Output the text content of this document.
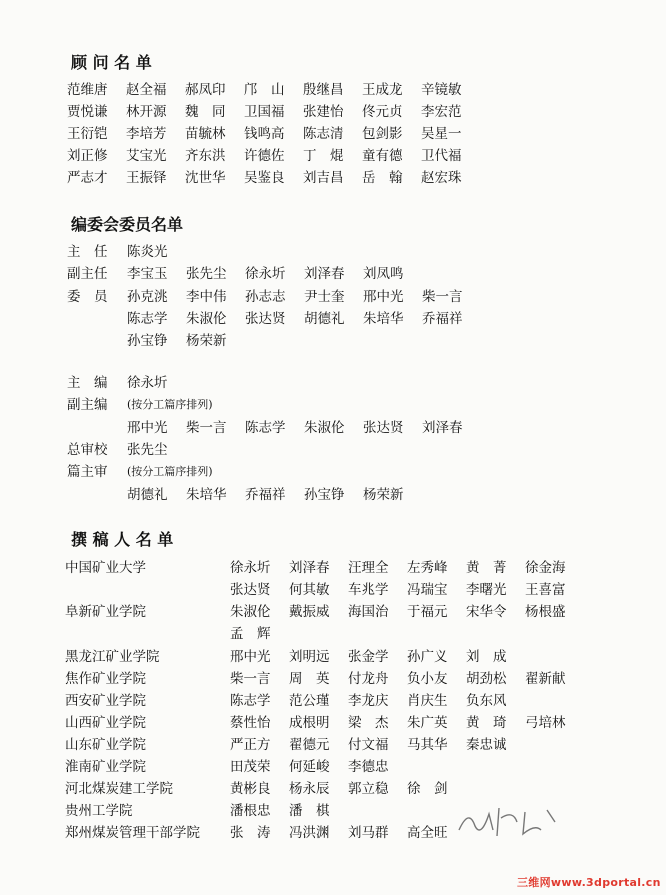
顾 问 名 单
范维唐	赵全福	郝凤印	邝　山	殷继昌	王成龙	辛镜敏
贾悦谦	林开源	魏　同	卫国福	张建怡	佟元贞	李宏范
王衍铠	李培芳	苗毓林	钱鸣高	陈志清	包剑影	吴星一
刘正修	艾宝光	齐东洪	许德佐	丁　焜	童有德	卫代福
严志才	王振铎	沈世华	吴鉴良	刘吉昌	岳　翰	赵宏珠
编委会委员名单
主　任	陈炎光
副主任	李宝玉	张先尘	徐永圻	刘泽春	刘凤鸣
委　员	孙克洮	李中伟	孙志志	尹士奎	邢中光	柴一言
陈志学	朱淑伦	张达贤	胡德礼	朱培华	乔福祥
孙宝铮	杨荣新
主　编	徐永圻
副主编	(按分工篇序排列)
邢中光	柴一言	陈志学	朱淑伦	张达贤	刘泽春
总审校	张先尘
篇主审	(按分工篇序排列)
胡德礼	朱培华	乔福祥	孙宝铮	杨荣新
撰 稿 人 名 单
中国矿业大学	徐永圻	刘泽春	汪理全	左秀峰	黄　菁	徐金海
张达贤	何其敏	车兆学	冯瑞宝	李曙光	王喜富
阜新矿业学院	朱淑伦	戴振威	海国治	于福元	宋华令	杨根盛
孟　辉
黑龙江矿业学院	邢中光	刘明远	张金学	孙广义	刘　成
焦作矿业学院	柴一言	周　英	付龙舟	负小友	胡劲松	翟新献
西安矿业学院	陈志学	范公瑾	李龙庆	肖庆生	负东风
山西矿业学院	蔡性怡	成根明	梁　杰	朱广英	黄　琦	弓培林
山东矿业学院	严正方	翟德元	付文福	马其华	秦忠诚
淮南矿业学院	田茂荣	何延峻	李德忠
河北煤炭建工学院	黄彬良	杨永辰	郭立稳	徐　剑
贵州工学院	潘根忠	潘　棋
郑州煤炭管理干部学院	张　涛	冯洪渊	刘马群	高全旺
三维网www.3dportal.cn
